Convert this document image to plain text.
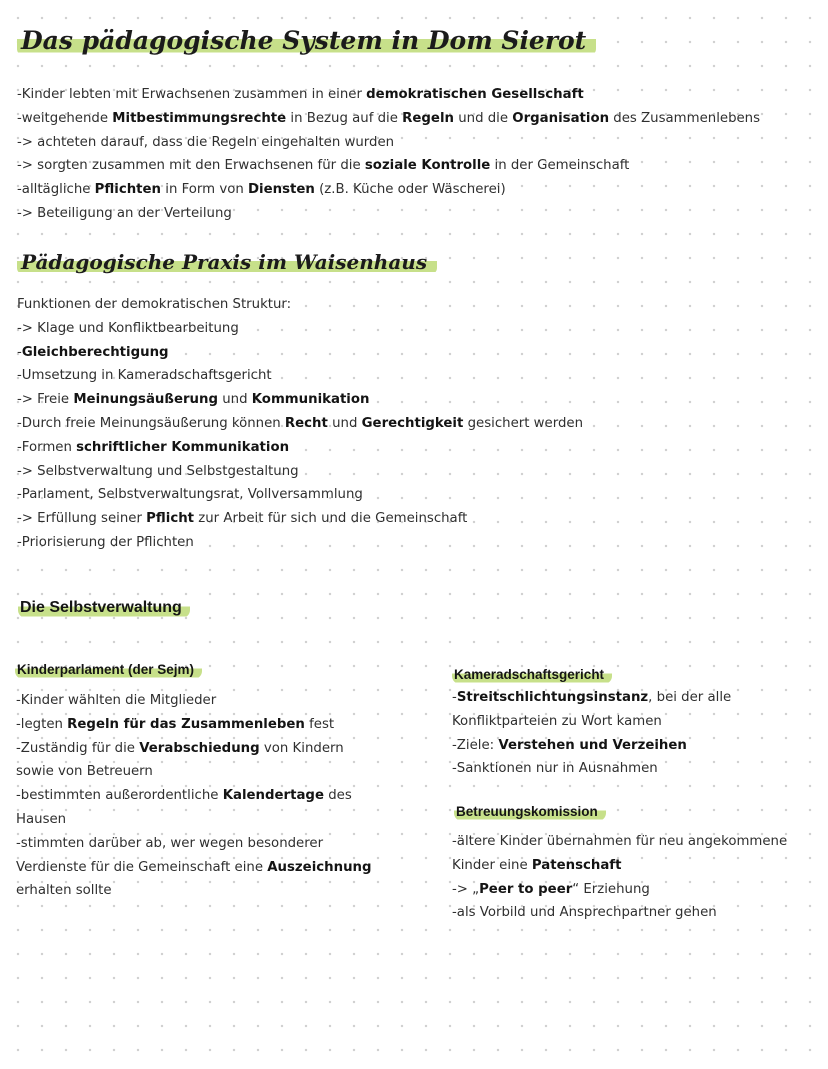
Das pädagogische System in Dom Sierot
-Kinder lebten mit Erwachsenen zusammen in einer demokratischen Gesellschaft
-weitgehende Mitbestimmungsrechte in Bezug auf die Regeln und die Organisation des Zusammenlebens
-> achteten darauf, dass die Regeln eingehalten wurden
-> sorgten zusammen mit den Erwachsenen für die soziale Kontrolle in der Gemeinschaft
-alltägliche Pflichten in Form von Diensten (z.B. Küche oder Wäscherei)
-> Beteiligung an der Verteilung
Pädagogische Praxis im Waisenhaus
Funktionen der demokratischen Struktur:
-> Klage und Konfliktbearbeitung
-Gleichberechtigung
-Umsetzung in Kameradschaftsgericht
-> Freie Meinungsäußerung und Kommunikation
-Durch freie Meinungsäußerung können Recht und Gerechtigkeit gesichert werden
-Formen schriftlicher Kommunikation
-> Selbstverwaltung und Selbstgestaltung
-Parlament, Selbstverwaltungsrat, Vollversammlung
-> Erfüllung seiner Pflicht zur Arbeit für sich und die Gemeinschaft
-Priorisierung der Pflichten
Die Selbstverwaltung
Kinderparlament (der Sejm)
-Kinder wählten die Mitglieder
-legten Regeln für das Zusammenleben fest
-Zuständig für die Verabschiedung von Kindern
sowie von Betreuern
-bestimmten außerordentliche Kalendertage des
Hausen
-stimmten darüber ab, wer wegen besonderer
Verdienste für die Gemeinschaft eine Auszeichnung
erhalten sollte
Kameradschaftsgericht
-Streitschlichtungsinstanz, bei der alle
Konfliktparteien zu Wort kamen
-Ziele: Verstehen und Verzeihen
-Sanktionen nur in Ausnahmen
Betreuungskomission
-ältere Kinder übernahmen für neu angekommene
Kinder eine Patenschaft
-> „Peer to peer“ Erziehung
-als Vorbild und Ansprechpartner gehen
